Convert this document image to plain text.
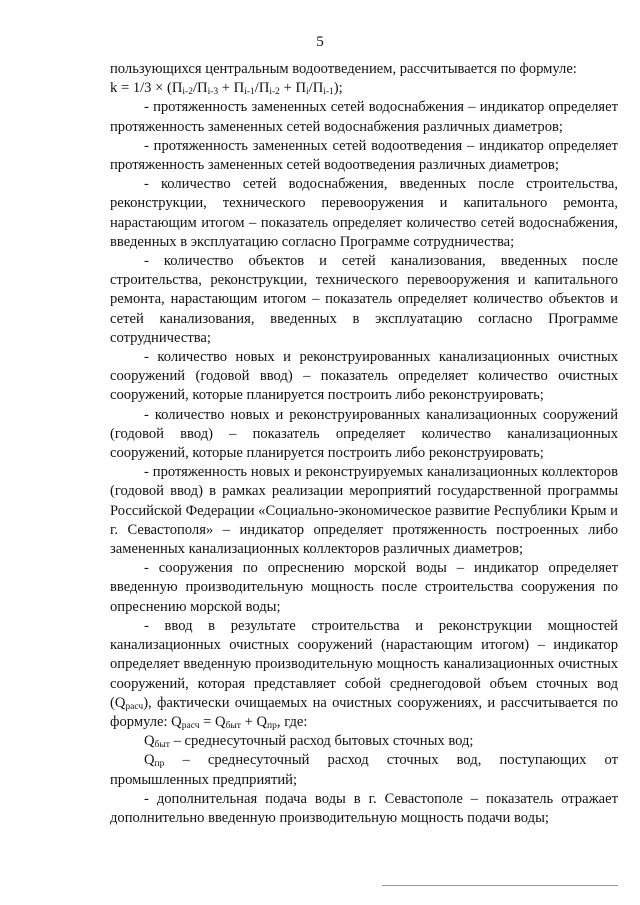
5

пользующихся центральным водоотведением, рассчитывается по формуле:

$k = 1/3 \times (П_{i-2}/П_{i-3} + П_{i-1}/П_{i-2} + П_i/П_{i-1})$;

- протяженность замененных сетей водоснабжения – индикатор определяет протяженность замененных сетей водоснабжения различных диаметров;

- протяженность замененных сетей водоотведения – индикатор определяет протяженность замененных сетей водоотведения различных диаметров;

- количество сетей водоснабжения, введенных после строительства, реконструкции, технического перевооружения и капитального ремонта, нарастающим итогом – показатель определяет количество сетей водоснабжения, введенных в эксплуатацию согласно Программе сотрудничества;

- количество объектов и сетей канализования, введенных после строительства, реконструкции, технического перевооружения и капитального ремонта, нарастающим итогом – показатель определяет количество объектов и сетей канализования, введенных в эксплуатацию согласно Программе сотрудничества;

- количество новых и реконструированных канализационных очистных сооружений (годовой ввод) – показатель определяет количество очистных сооружений, которые планируется построить либо реконструировать;

- количество новых и реконструированных канализационных сооружений (годовой ввод) – показатель определяет количество канализационных сооружений, которые планируется построить либо реконструировать;

- протяженность новых и реконструируемых канализационных коллекторов (годовой ввод) в рамках реализации мероприятий государственной программы Российской Федерации «Социально-экономическое развитие Республики Крым и г. Севастополя» – индикатор определяет протяженность построенных либо замененных канализационных коллекторов различных диаметров;

- сооружения по опреснению морской воды – индикатор определяет введенную производительную мощность после строительства сооружения по опреснению морской воды;

- ввод в результате строительства и реконструкции мощностей канализационных очистных сооружений (нарастающим итогом) – индикатор определяет введенную производительную мощность канализационных очистных сооружений, которая представляет собой среднегодовой объем сточных вод $(Q_{расч})$, фактически очищаемых на очистных сооружениях, и рассчитывается по формуле: $Q_{расч} = Q_{быт} + Q_{пр}$, где:

$Q_{быт}$ – среднесуточный расход бытовых сточных вод;

$Q_{пр}$ – среднесуточный расход сточных вод, поступающих от промышленных предприятий;

- дополнительная подача воды в г. Севастополе – показатель отражает дополнительно введенную производительную мощность подачи воды;
